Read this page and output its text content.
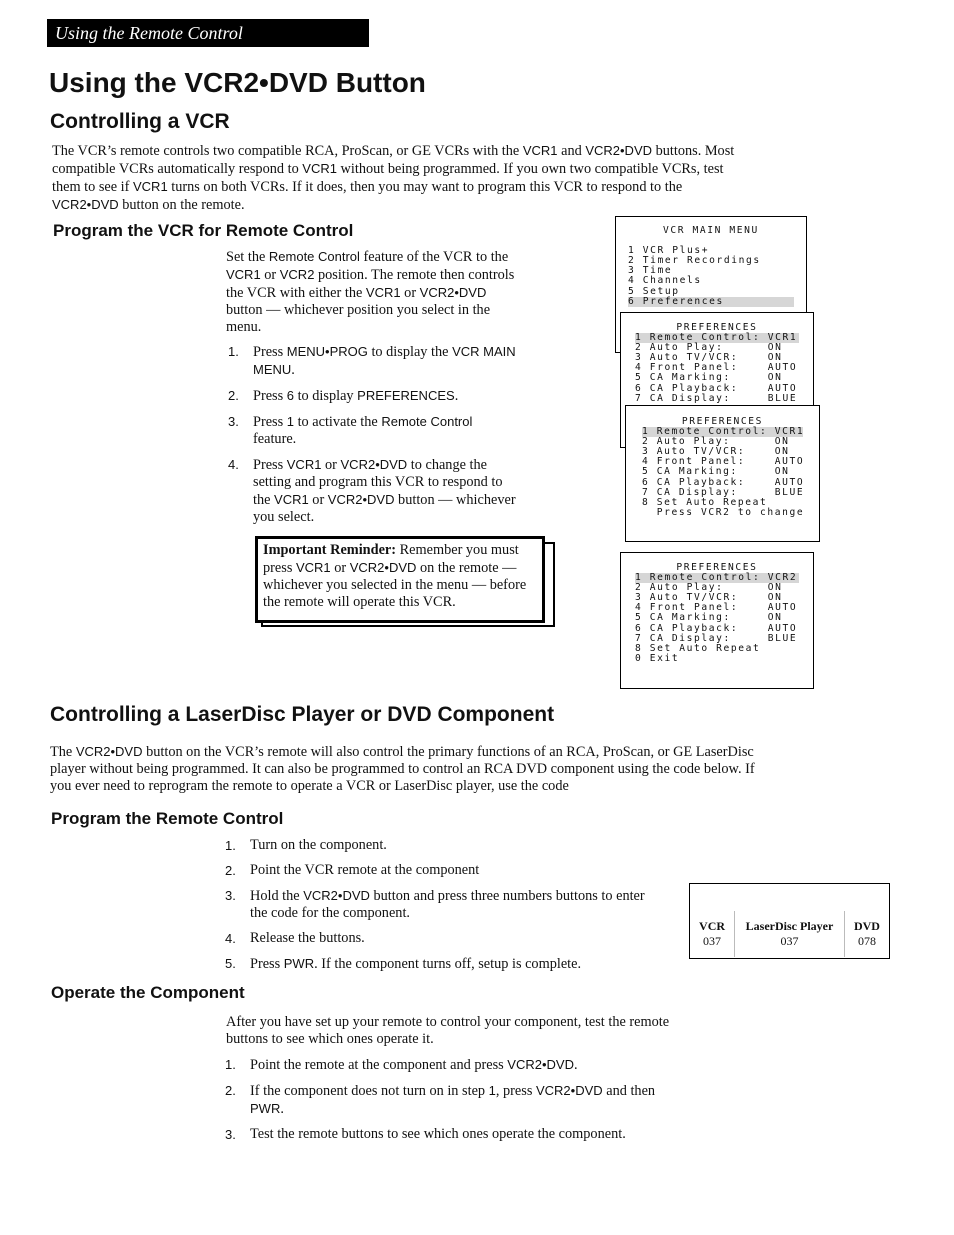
Using the Remote Control
Using the VCR2•DVD Button
Controlling a VCR
The VCR’s remote controls two compatible RCA, ProScan, or GE VCRs with the VCR1 and VCR2•DVD buttons. Most compatible VCRs automatically respond to VCR1 without being programmed. If you own two compatible VCRs, test them to see if VCR1 turns on both VCRs. If it does, then you may want to program this VCR to respond to the VCR2•DVD button on the remote.
Program the VCR for Remote Control
Set the Remote Control feature of the VCR to the VCR1 or VCR2 position. The remote then controls the VCR with either the VCR1 or VCR2•DVD button — whichever position you select in the menu.
1. Press MENU•PROG to display the VCR MAIN MENU.
2. Press 6 to display PREFERENCES.
3. Press 1 to activate the Remote Control feature.
4. Press VCR1 or VCR2•DVD to change the setting and program this VCR to respond to the VCR1 or VCR2•DVD button — whichever you select.
Important Reminder: Remember you must press VCR1 or VCR2•DVD on the remote — whichever you selected in the menu — before the remote will operate this VCR.
VCR MAIN MENU
1 VCR Plus+
2 Timer Recordings
3 Time
4 Channels
5 Setup
6 Preferences
PREFERENCES
1 Remote Control: VCR1
2 Auto Play:      ON
3 Auto TV/VCR:    ON
4 Front Panel:    AUTO
5 CA Marking:     ON
6 CA Playback:    AUTO
7 CA Display:     BLUE
PREFERENCES
1 Remote Control: VCR1
2 Auto Play:      ON
3 Auto TV/VCR:    ON
4 Front Panel:    AUTO
5 CA Marking:     ON
6 CA Playback:    AUTO
7 CA Display:     BLUE
8 Set Auto Repeat
Press VCR2 to change
PREFERENCES
1 Remote Control: VCR2
2 Auto Play:      ON
3 Auto TV/VCR:    ON
4 Front Panel:    AUTO
5 CA Marking:     ON
6 CA Playback:    AUTO
7 CA Display:     BLUE
8 Set Auto Repeat
0 Exit
Controlling a LaserDisc Player or DVD Component
The VCR2•DVD button on the VCR’s remote will also control the primary functions of an RCA, ProScan, or GE LaserDisc player without being programmed. It can also be programmed to control an RCA DVD component using the code below. If you ever need to reprogram the remote to operate a VCR or LaserDisc player, use the code
Program the Remote Control
1. Turn on the component.
2. Point the VCR remote at the component
3. Hold the VCR2•DVD button and press three numbers buttons to enter the code for the component.
4. Release the buttons.
5. Press PWR. If the component turns off, setup is complete.
VCR	LaserDisc Player	DVD
037	037	078
Operate the Component
After you have set up your remote to control your component, test the remote buttons to see which ones operate it.
1. Point the remote at the component and press VCR2•DVD.
2. If the component does not turn on in step 1, press VCR2•DVD and then PWR.
3. Test the remote buttons to see which ones operate the component.
